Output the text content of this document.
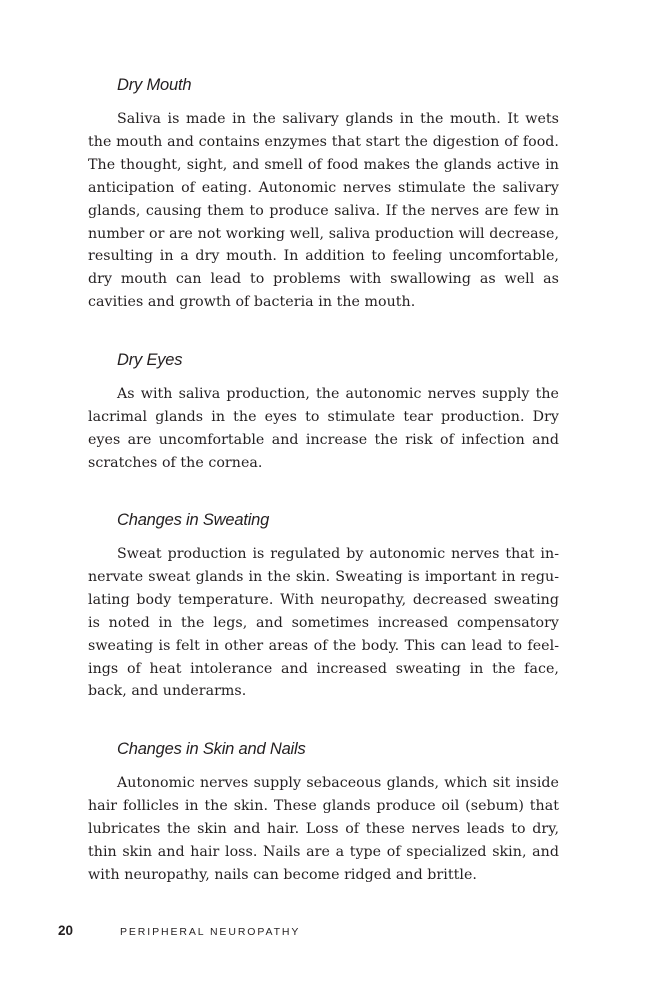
Dry Mouth

Saliva is made in the salivary glands in the mouth. It wets the mouth and contains enzymes that start the digestion of food. The thought, sight, and smell of food makes the glands active in anticipation of eating. Autonomic nerves stimulate the salivary glands, causing them to produce saliva. If the nerves are few in number or are not working well, saliva production will decrease, resulting in a dry mouth. In addition to feeling uncomfortable, dry mouth can lead to problems with swallowing as well as cavities and growth of bacteria in the mouth.

Dry Eyes

As with saliva production, the autonomic nerves supply the lacrimal glands in the eyes to stimulate tear production. Dry eyes are uncomfortable and increase the risk of infection and scratches of the cornea.

Changes in Sweating

Sweat production is regulated by autonomic nerves that innervate sweat glands in the skin. Sweating is important in regulating body temperature. With neuropathy, decreased sweating is noted in the legs, and sometimes increased compensatory sweating is felt in other areas of the body. This can lead to feelings of heat intolerance and increased sweating in the face, back, and underarms.

Changes in Skin and Nails

Autonomic nerves supply sebaceous glands, which sit inside hair follicles in the skin. These glands produce oil (sebum) that lubricates the skin and hair. Loss of these nerves leads to dry, thin skin and hair loss. Nails are a type of specialized skin, and with neuropathy, nails can become ridged and brittle.

20	PERIPHERAL NEUROPATHY
